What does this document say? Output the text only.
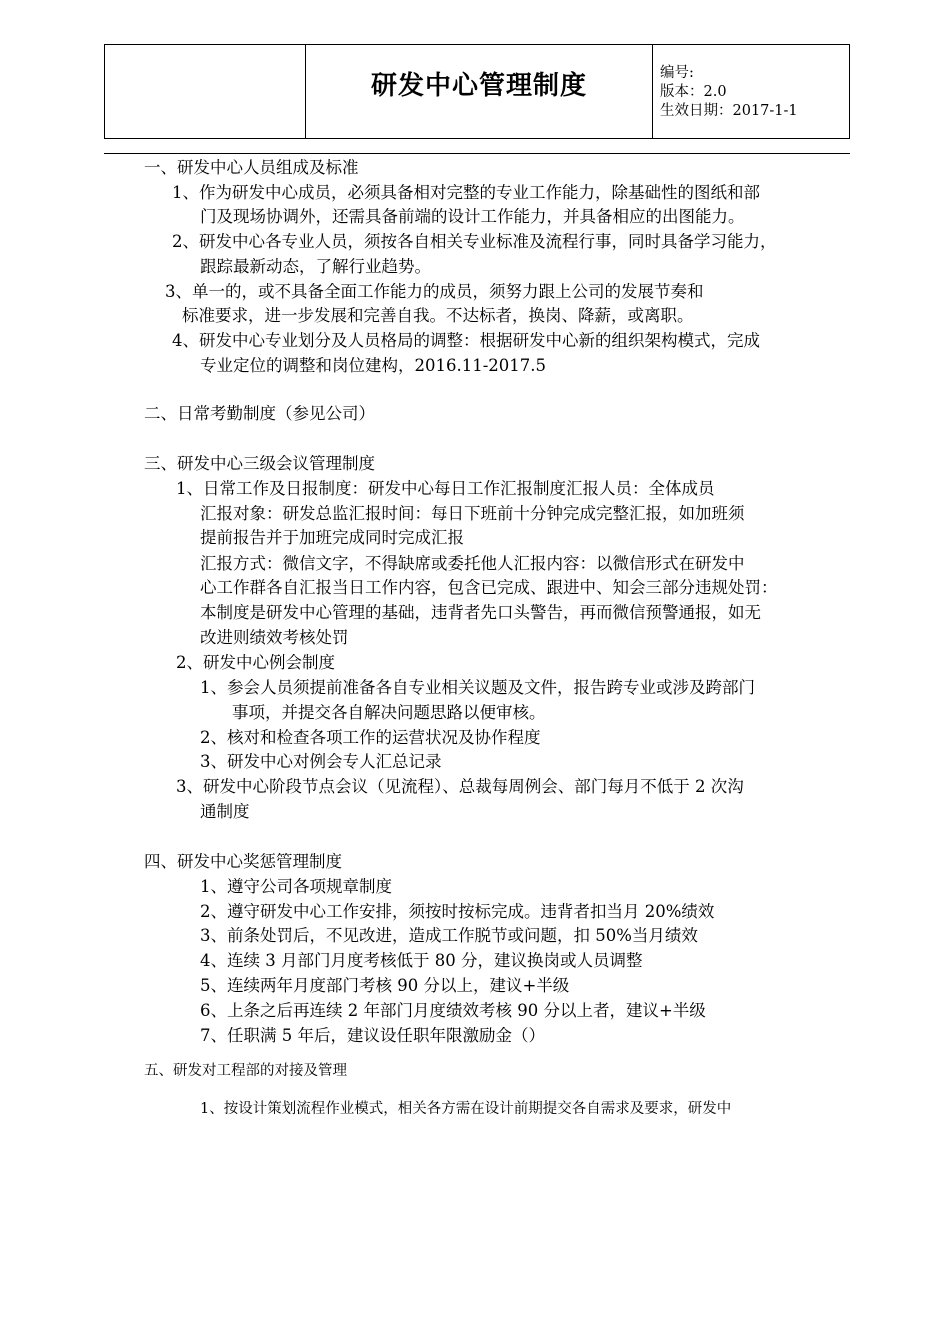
研发中心管理制度	编号:
版本：2.0
生效日期：2017-1-1
一、研发中心人员组成及标准
1、作为研发中心成员，必须具备相对完整的专业工作能力，除基础性的图纸和部
门及现场协调外，还需具备前端的设计工作能力，并具备相应的出图能力。
2、研发中心各专业人员，须按各自相关专业标准及流程行事，同时具备学习能力，
跟踪最新动态，了解行业趋势。
3、单一的，或不具备全面工作能力的成员，须努力跟上公司的发展节奏和
标准要求，进一步发展和完善自我。不达标者，换岗、降薪，或离职。
4、研发中心专业划分及人员格局的调整：根据研发中心新的组织架构模式，完成
专业定位的调整和岗位建构，2016.11-2017.5
二、日常考勤制度（参见公司）
三、研发中心三级会议管理制度
1、日常工作及日报制度：研发中心每日工作汇报制度汇报人员：全体成员
汇报对象：研发总监汇报时间：每日下班前十分钟完成完整汇报，如加班须
提前报告并于加班完成同时完成汇报
汇报方式：微信文字，不得缺席或委托他人汇报内容：以微信形式在研发中
心工作群各自汇报当日工作内容，包含已完成、跟进中、知会三部分违规处罚：
本制度是研发中心管理的基础，违背者先口头警告，再而微信预警通报，如无
改进则绩效考核处罚
2、研发中心例会制度
1、参会人员须提前准备各自专业相关议题及文件，报告跨专业或涉及跨部门
事项，并提交各自解决问题思路以便审核。
2、核对和检查各项工作的运营状况及协作程度
3、研发中心对例会专人汇总记录
3、研发中心阶段节点会议（见流程）、总裁每周例会、部门每月不低于 2 次沟
通制度
四、研发中心奖惩管理制度
1、遵守公司各项规章制度
2、遵守研发中心工作安排，须按时按标完成。违背者扣当月 20%绩效
3、前条处罚后，不见改进，造成工作脱节或问题，扣 50%当月绩效
4、连续 3 月部门月度考核低于 80 分，建议换岗或人员调整
5、连续两年月度部门考核 90 分以上，建议+半级
6、上条之后再连续 2 年部门月度绩效考核 90 分以上者，建议+半级
7、任职满 5 年后，建议设任职年限激励金（）
五、研发对工程部的对接及管理
1、按设计策划流程作业模式，相关各方需在设计前期提交各自需求及要求，研发中
